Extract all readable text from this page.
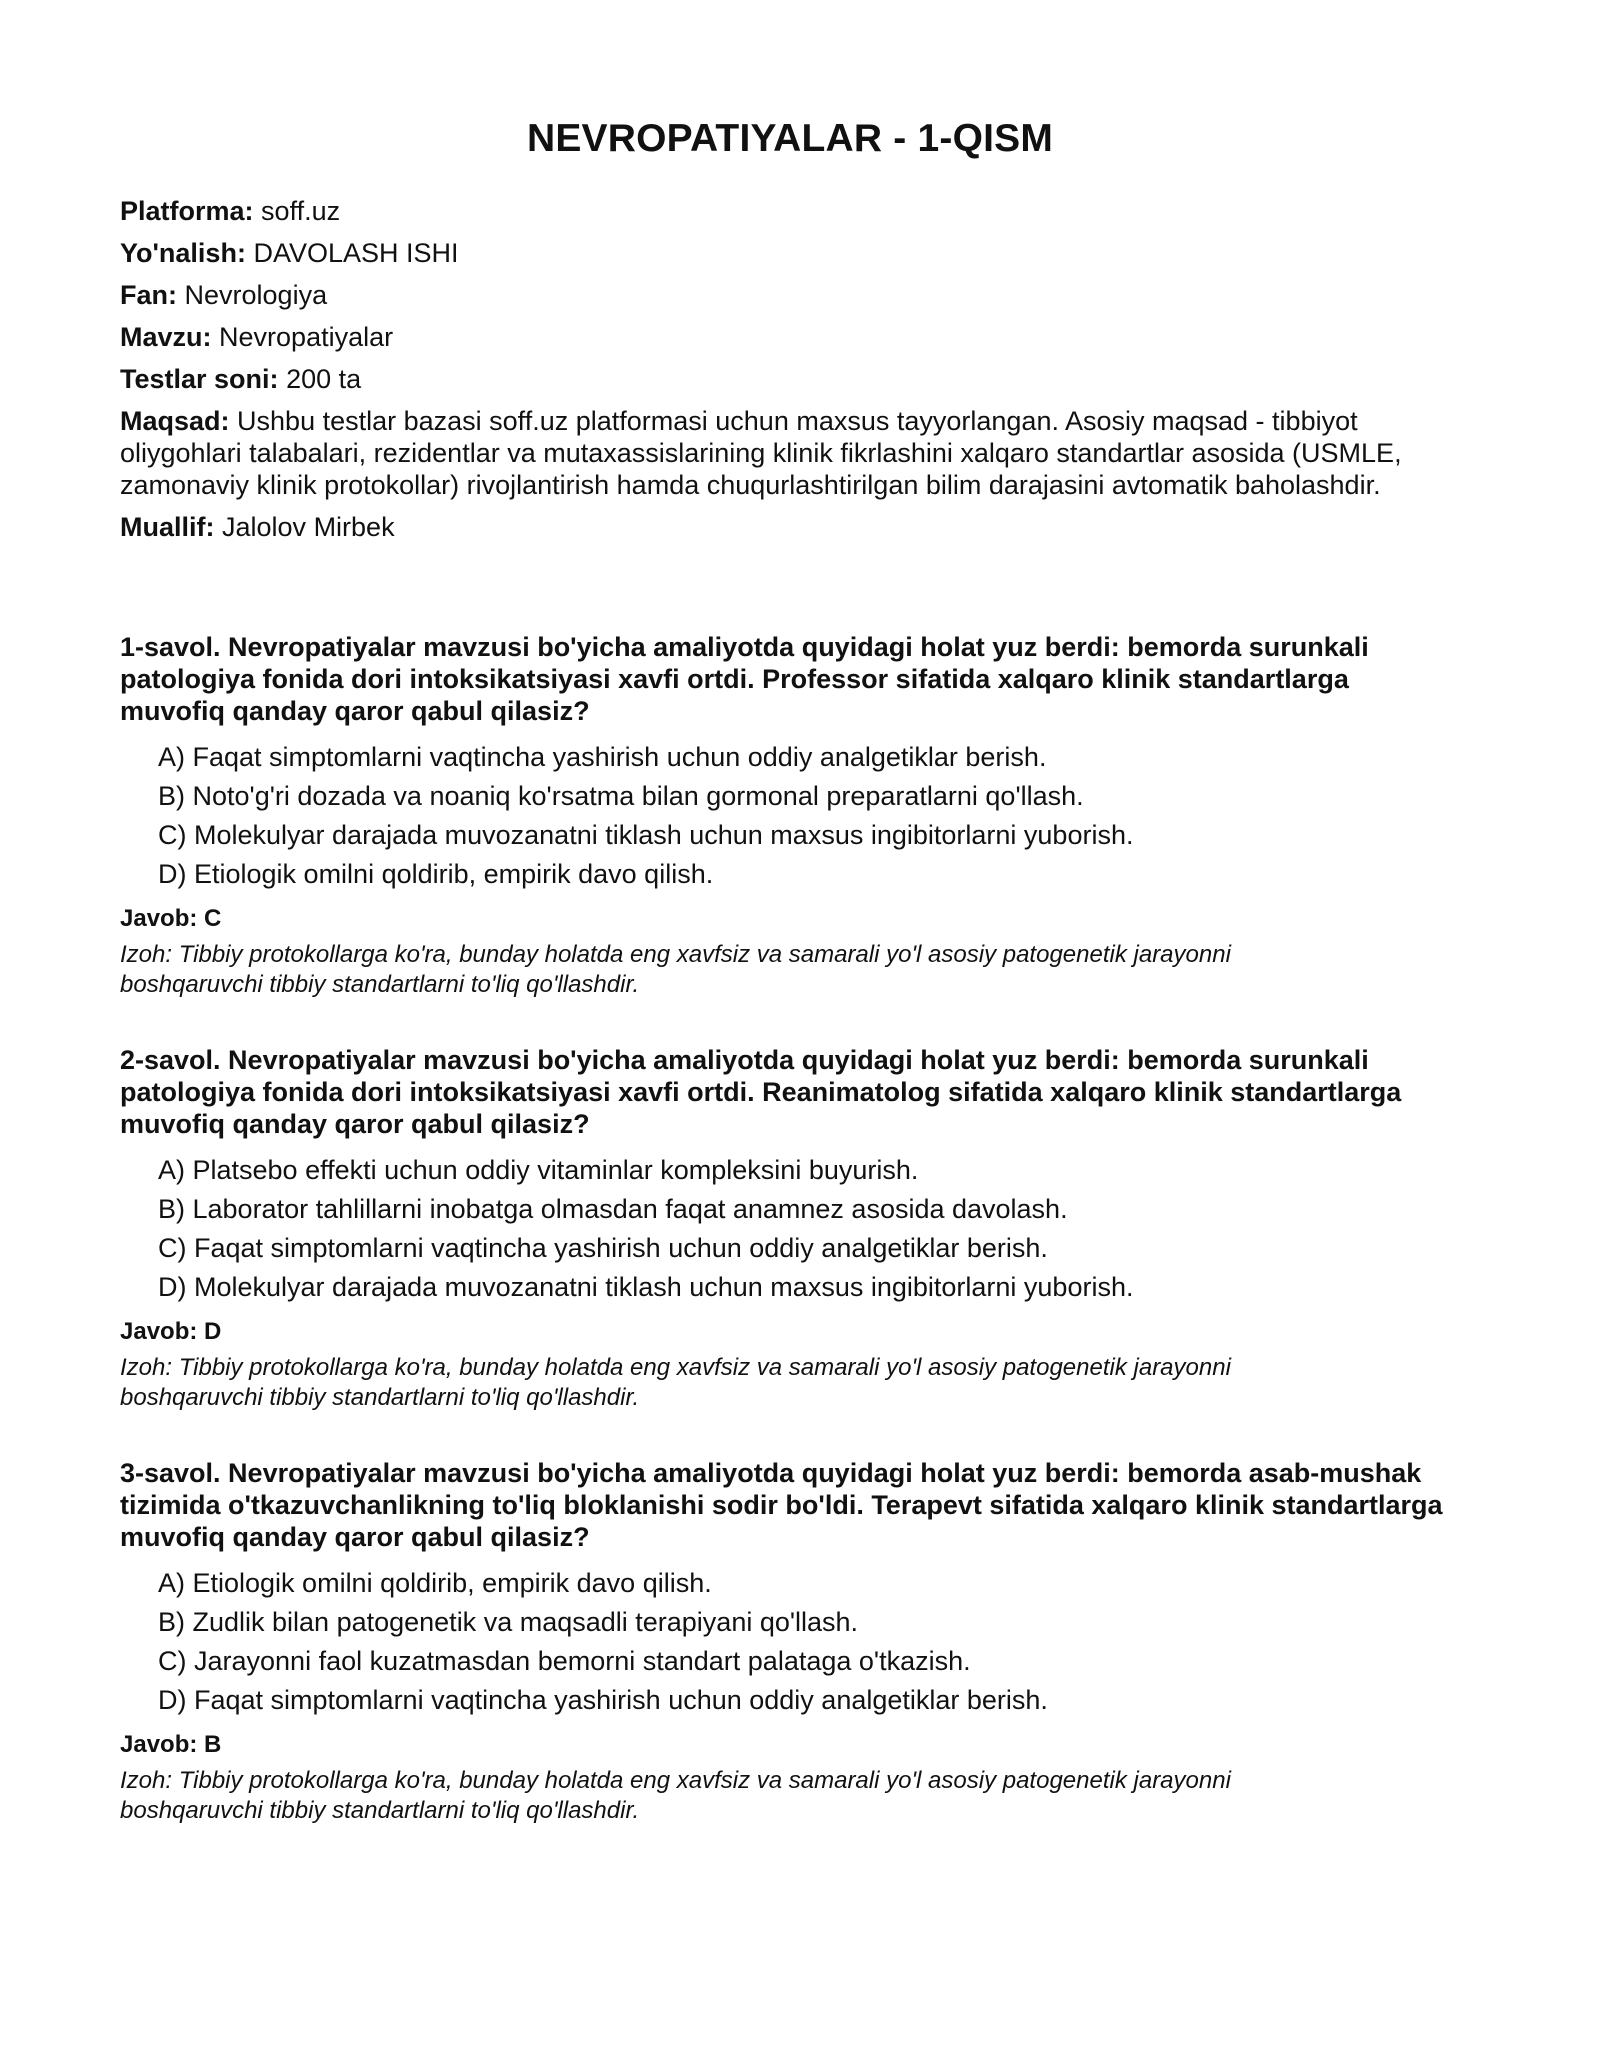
NEVROPATIYALAR - 1-QISM

Platforma: soff.uz

Yo'nalish: DAVOLASH ISHI

Fan: Nevrologiya

Mavzu: Nevropatiyalar

Testlar soni: 200 ta

Maqsad: Ushbu testlar bazasi soff.uz platformasi uchun maxsus tayyorlangan. Asosiy maqsad - tibbiyot oliygohlari talabalari, rezidentlar va mutaxassislarining klinik fikrlashini xalqaro standartlar asosida (USMLE, zamonaviy klinik protokollar) rivojlantirish hamda chuqurlashtirilgan bilim darajasini avtomatik baholashdir.

Muallif: Jalolov Mirbek

1-savol. Nevropatiyalar mavzusi bo'yicha amaliyotda quyidagi holat yuz berdi: bemorda surunkali patologiya fonida dori intoksikatsiyasi xavfi ortdi. Professor sifatida xalqaro klinik standartlarga muvofiq qanday qaror qabul qilasiz?

A) Faqat simptomlarni vaqtincha yashirish uchun oddiy analgetiklar berish.
B) Noto'g'ri dozada va noaniq ko'rsatma bilan gormonal preparatlarni qo'llash.
C) Molekulyar darajada muvozanatni tiklash uchun maxsus ingibitorlarni yuborish.
D) Etiologik omilni qoldirib, empirik davo qilish.

Javob: C

Izoh: Tibbiy protokollarga ko'ra, bunday holatda eng xavfsiz va samarali yo'l asosiy patogenetik jarayonni boshqaruvchi tibbiy standartlarni to'liq qo'llashdir.

2-savol. Nevropatiyalar mavzusi bo'yicha amaliyotda quyidagi holat yuz berdi: bemorda surunkali patologiya fonida dori intoksikatsiyasi xavfi ortdi. Reanimatolog sifatida xalqaro klinik standartlarga muvofiq qanday qaror qabul qilasiz?

A) Platsebo effekti uchun oddiy vitaminlar kompleksini buyurish.
B) Laborator tahlillarni inobatga olmasdan faqat anamnez asosida davolash.
C) Faqat simptomlarni vaqtincha yashirish uchun oddiy analgetiklar berish.
D) Molekulyar darajada muvozanatni tiklash uchun maxsus ingibitorlarni yuborish.

Javob: D

Izoh: Tibbiy protokollarga ko'ra, bunday holatda eng xavfsiz va samarali yo'l asosiy patogenetik jarayonni boshqaruvchi tibbiy standartlarni to'liq qo'llashdir.

3-savol. Nevropatiyalar mavzusi bo'yicha amaliyotda quyidagi holat yuz berdi: bemorda asab-mushak tizimida o'tkazuvchanlikning to'liq bloklanishi sodir bo'ldi. Terapevt sifatida xalqaro klinik standartlarga muvofiq qanday qaror qabul qilasiz?

A) Etiologik omilni qoldirib, empirik davo qilish.
B) Zudlik bilan patogenetik va maqsadli terapiyani qo'llash.
C) Jarayonni faol kuzatmasdan bemorni standart palataga o'tkazish.
D) Faqat simptomlarni vaqtincha yashirish uchun oddiy analgetiklar berish.

Javob: B

Izoh: Tibbiy protokollarga ko'ra, bunday holatda eng xavfsiz va samarali yo'l asosiy patogenetik jarayonni boshqaruvchi tibbiy standartlarni to'liq qo'llashdir.
